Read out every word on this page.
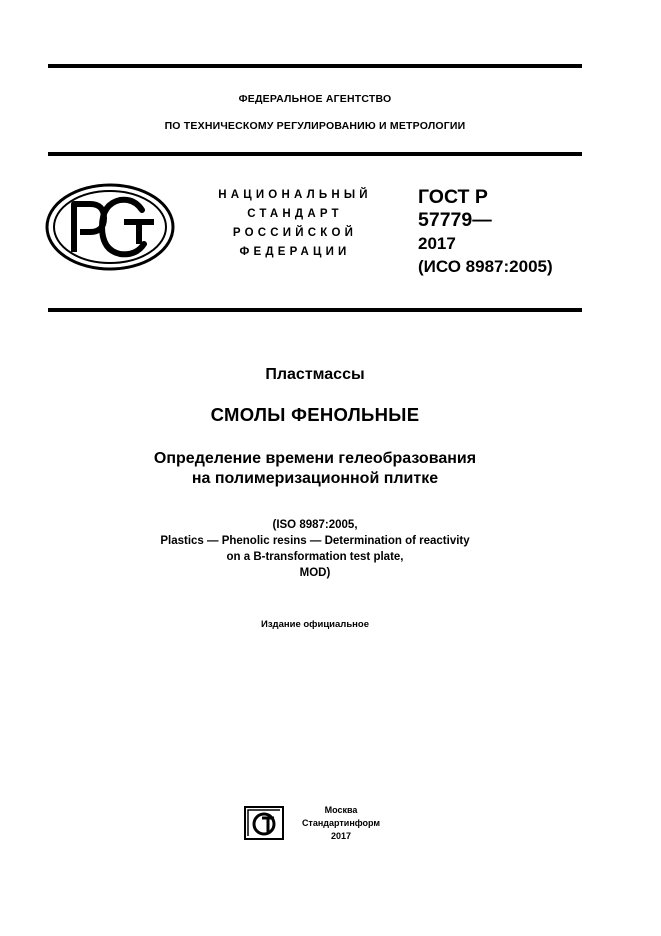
ФЕДЕРАЛЬНОЕ АГЕНТСТВО
ПО ТЕХНИЧЕСКОМУ РЕГУЛИРОВАНИЮ И МЕТРОЛОГИИ
НАЦИОНАЛЬНЫЙ
СТАНДАРТ
РОССИЙСКОЙ
ФЕДЕРАЦИИ
ГОСТ Р
57779—
2017
(ИСО 8987:2005)
Пластмассы
СМОЛЫ ФЕНОЛЬНЫЕ
Определение времени гелеобразования
на полимеризационной плитке
(ISO 8987:2005,
Plastics — Phenolic resins — Determination of reactivity
on a B-transformation test plate,
MOD)
Издание официальное
Москва
Стандартинформ
2017
